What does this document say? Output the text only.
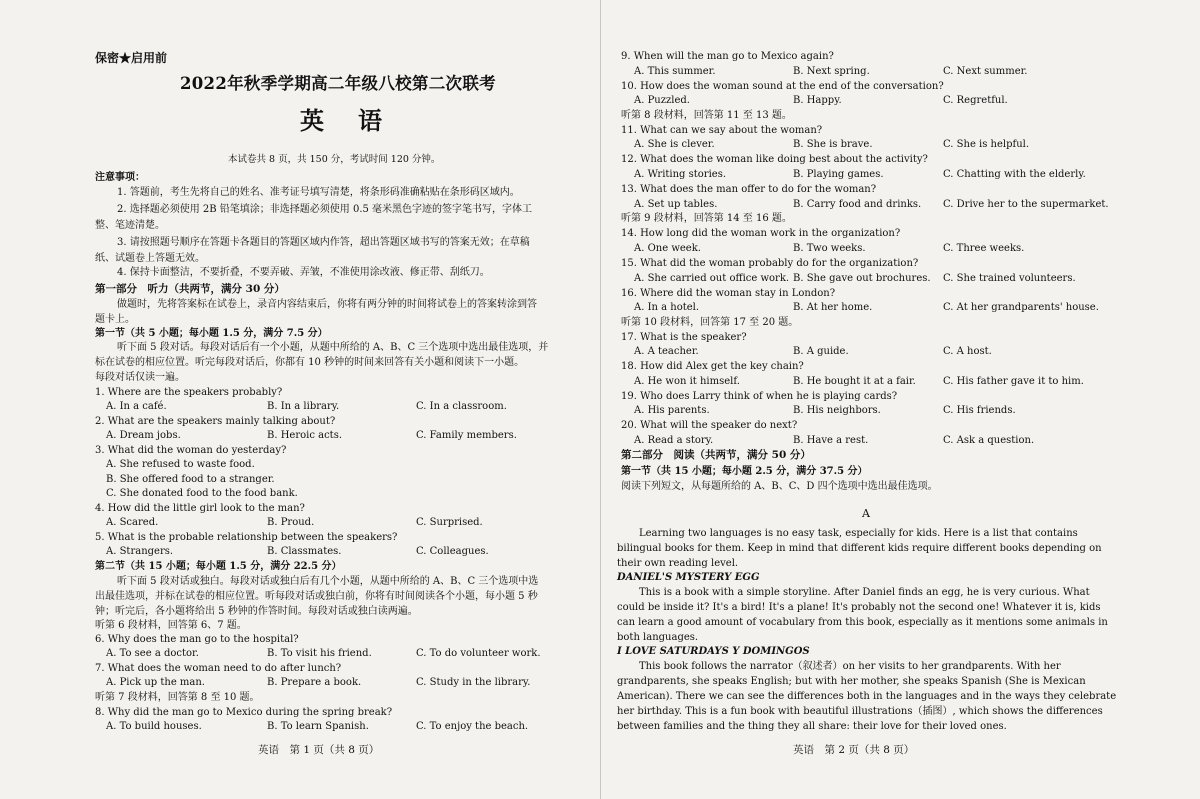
保密★启用前
2022年秋季学期高二年级八校第二次联考
英语
本试卷共 8 页，共 150 分，考试时间 120 分钟。
注意事项：
1. 答题前，考生先将自己的姓名、准考证号填写清楚，将条形码准确粘贴在条形码区域内。
2. 选择题必须使用 2B 铅笔填涂；非选择题必须使用 0.5 毫米黑色字迹的签字笔书写，字体工
整、笔迹清楚。
3. 请按照题号顺序在答题卡各题目的答题区域内作答，超出答题区域书写的答案无效；在草稿
纸、试题卷上答题无效。
4. 保持卡面整洁，不要折叠，不要弄破、弄皱，不准使用涂改液、修正带、刮纸刀。
第一部分　听力（共两节，满分 30 分）
做题时，先将答案标在试卷上，录音内容结束后，你将有两分钟的时间将试卷上的答案转涂到答
题卡上。
第一节（共 5 小题；每小题 1.5 分，满分 7.5 分）
听下面 5 段对话。每段对话后有一个小题，从题中所给的 A、B、C 三个选项中选出最佳选项，并
标在试卷的相应位置。听完每段对话后，你都有 10 秒钟的时间来回答有关小题和阅读下一小题。
每段对话仅读一遍。
1. Where are the speakers probably?
A. In a café.	B. In a library.	C. In a classroom.
2. What are the speakers mainly talking about?
A. Dream jobs.	B. Heroic acts.	C. Family members.
3. What did the woman do yesterday?
A. She refused to waste food.
B. She offered food to a stranger.
C. She donated food to the food bank.
4. How did the little girl look to the man?
A. Scared.	B. Proud.	C. Surprised.
5. What is the probable relationship between the speakers?
A. Strangers.	B. Classmates.	C. Colleagues.
第二节（共 15 小题；每小题 1.5 分，满分 22.5 分）
听下面 5 段对话或独白。每段对话或独白后有几个小题，从题中所给的 A、B、C 三个选项中选
出最佳选项，并标在试卷的相应位置。听每段对话或独白前，你将有时间阅读各个小题，每小题 5 秒
钟；听完后，各小题将给出 5 秒钟的作答时间。每段对话或独白读两遍。
听第 6 段材料，回答第 6、7 题。
6. Why does the man go to the hospital?
A. To see a doctor.	B. To visit his friend.	C. To do volunteer work.
7. What does the woman need to do after lunch?
A. Pick up the man.	B. Prepare a book.	C. Study in the library.
听第 7 段材料，回答第 8 至 10 题。
8. Why did the man go to Mexico during the spring break?
A. To build houses.	B. To learn Spanish.	C. To enjoy the beach.
英语　第 1 页（共 8 页）
9. When will the man go to Mexico again?
A. This summer.	B. Next spring.	C. Next summer.
10. How does the woman sound at the end of the conversation?
A. Puzzled.	B. Happy.	C. Regretful.
听第 8 段材料，回答第 11 至 13 题。
11. What can we say about the woman?
A. She is clever.	B. She is brave.	C. She is helpful.
12. What does the woman like doing best about the activity?
A. Writing stories.	B. Playing games.	C. Chatting with the elderly.
13. What does the man offer to do for the woman?
A. Set up tables.	B. Carry food and drinks. C. Drive her to the supermarket.
听第 9 段材料，回答第 14 至 16 题。
14. How long did the woman work in the organization?
A. One week.	B. Two weeks.	C. Three weeks.
15. What did the woman probably do for the organization?
A. She carried out office work. B. She gave out brochures. C. She trained volunteers.
16. Where did the woman stay in London?
A. In a hotel.	B. At her home.	C. At her grandparents' house.
听第 10 段材料，回答第 17 至 20 题。
17. What is the speaker?
A. A teacher.	B. A guide.	C. A host.
18. How did Alex get the key chain?
A. He won it himself.	B. He bought it at a fair.	C. His father gave it to him.
19. Who does Larry think of when he is playing cards?
A. His parents.	B. His neighbors.	C. His friends.
20. What will the speaker do next?
A. Read a story.	B. Have a rest.	C. Ask a question.
第二部分　阅读（共两节，满分 50 分）
第一节（共 15 小题；每小题 2.5 分，满分 37.5 分）
阅读下列短文，从每题所给的 A、B、C、D 四个选项中选出最佳选项。
A
Learning two languages is no easy task, especially for kids. Here is a list that contains
bilingual books for them. Keep in mind that different kids require different books depending on
their own reading level.
DANIEL'S MYSTERY EGG
This is a book with a simple storyline. After Daniel finds an egg, he is very curious. What
could be inside it? It's a bird! It's a plane! It's probably not the second one! Whatever it is, kids
can learn a good amount of vocabulary from this book, especially as it mentions some animals in
both languages.
I LOVE SATURDAYS Y DOMINGOS
This book follows the narrator（叙述者）on her visits to her grandparents. With her
grandparents, she speaks English; but with her mother, she speaks Spanish (She is Mexican
American). There we can see the differences both in the languages and in the ways they celebrate
her birthday. This is a fun book with beautiful illustrations（插图）, which shows the differences
between families and the thing they all share: their love for their loved ones.
英语　第 2 页（共 8 页）
